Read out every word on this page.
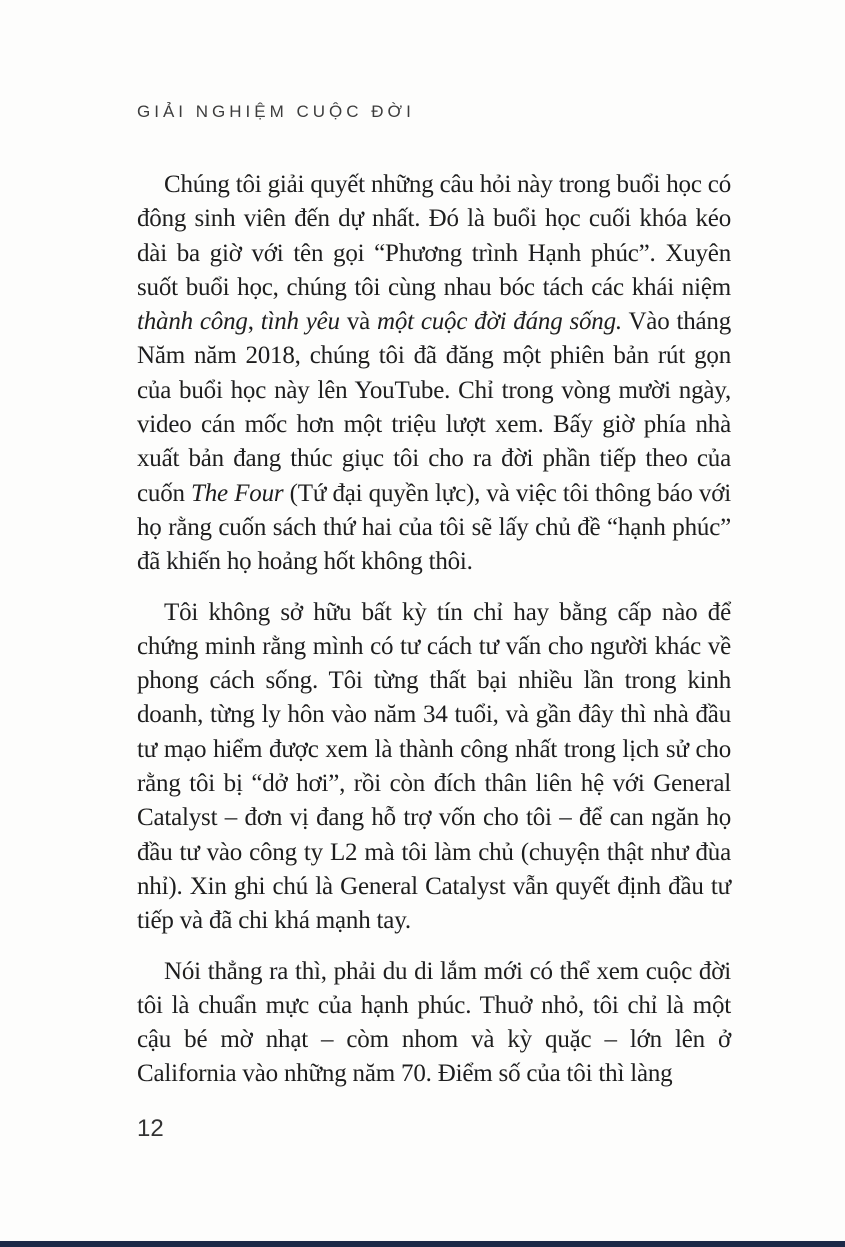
GIẢI NGHIỆM CUỘC ĐỜI

Chúng tôi giải quyết những câu hỏi này trong buổi học có đông sinh viên đến dự nhất. Đó là buổi học cuối khóa kéo dài ba giờ với tên gọi “Phương trình Hạnh phúc”. Xuyên suốt buổi học, chúng tôi cùng nhau bóc tách các khái niệm thành công, tình yêu và một cuộc đời đáng sống. Vào tháng Năm năm 2018, chúng tôi đã đăng một phiên bản rút gọn của buổi học này lên YouTube. Chỉ trong vòng mười ngày, video cán mốc hơn một triệu lượt xem. Bấy giờ phía nhà xuất bản đang thúc giục tôi cho ra đời phần tiếp theo của cuốn The Four (Tứ đại quyền lực), và việc tôi thông báo với họ rằng cuốn sách thứ hai của tôi sẽ lấy chủ đề “hạnh phúc” đã khiến họ hoảng hốt không thôi.

Tôi không sở hữu bất kỳ tín chỉ hay bằng cấp nào để chứng minh rằng mình có tư cách tư vấn cho người khác về phong cách sống. Tôi từng thất bại nhiều lần trong kinh doanh, từng ly hôn vào năm 34 tuổi, và gần đây thì nhà đầu tư mạo hiểm được xem là thành công nhất trong lịch sử cho rằng tôi bị “dở hơi”, rồi còn đích thân liên hệ với General Catalyst – đơn vị đang hỗ trợ vốn cho tôi – để can ngăn họ đầu tư vào công ty L2 mà tôi làm chủ (chuyện thật như đùa nhỉ). Xin ghi chú là General Catalyst vẫn quyết định đầu tư tiếp và đã chi khá mạnh tay.

Nói thẳng ra thì, phải du di lắm mới có thể xem cuộc đời tôi là chuẩn mực của hạnh phúc. Thuở nhỏ, tôi chỉ là một cậu bé mờ nhạt – còm nhom và kỳ quặc – lớn lên ở California vào những năm 70. Điểm số của tôi thì làng

12
